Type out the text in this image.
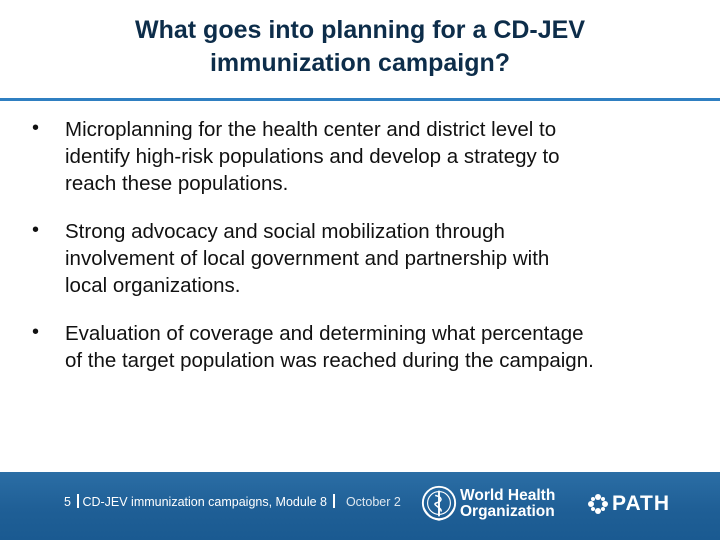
What goes into planning for a CD-JEV
immunization campaign?
• Microplanning for the health center and district level to
identify high-risk populations and develop a strategy to
reach these populations.
• Strong advocacy and social mobilization through
involvement of local government and partnership with
local organizations.
• Evaluation of coverage and determining what percentage
of the target population was reached during the campaign.
5 CD-JEV immunization campaigns, Module 8 October 2	World Health
Organization	PATH
